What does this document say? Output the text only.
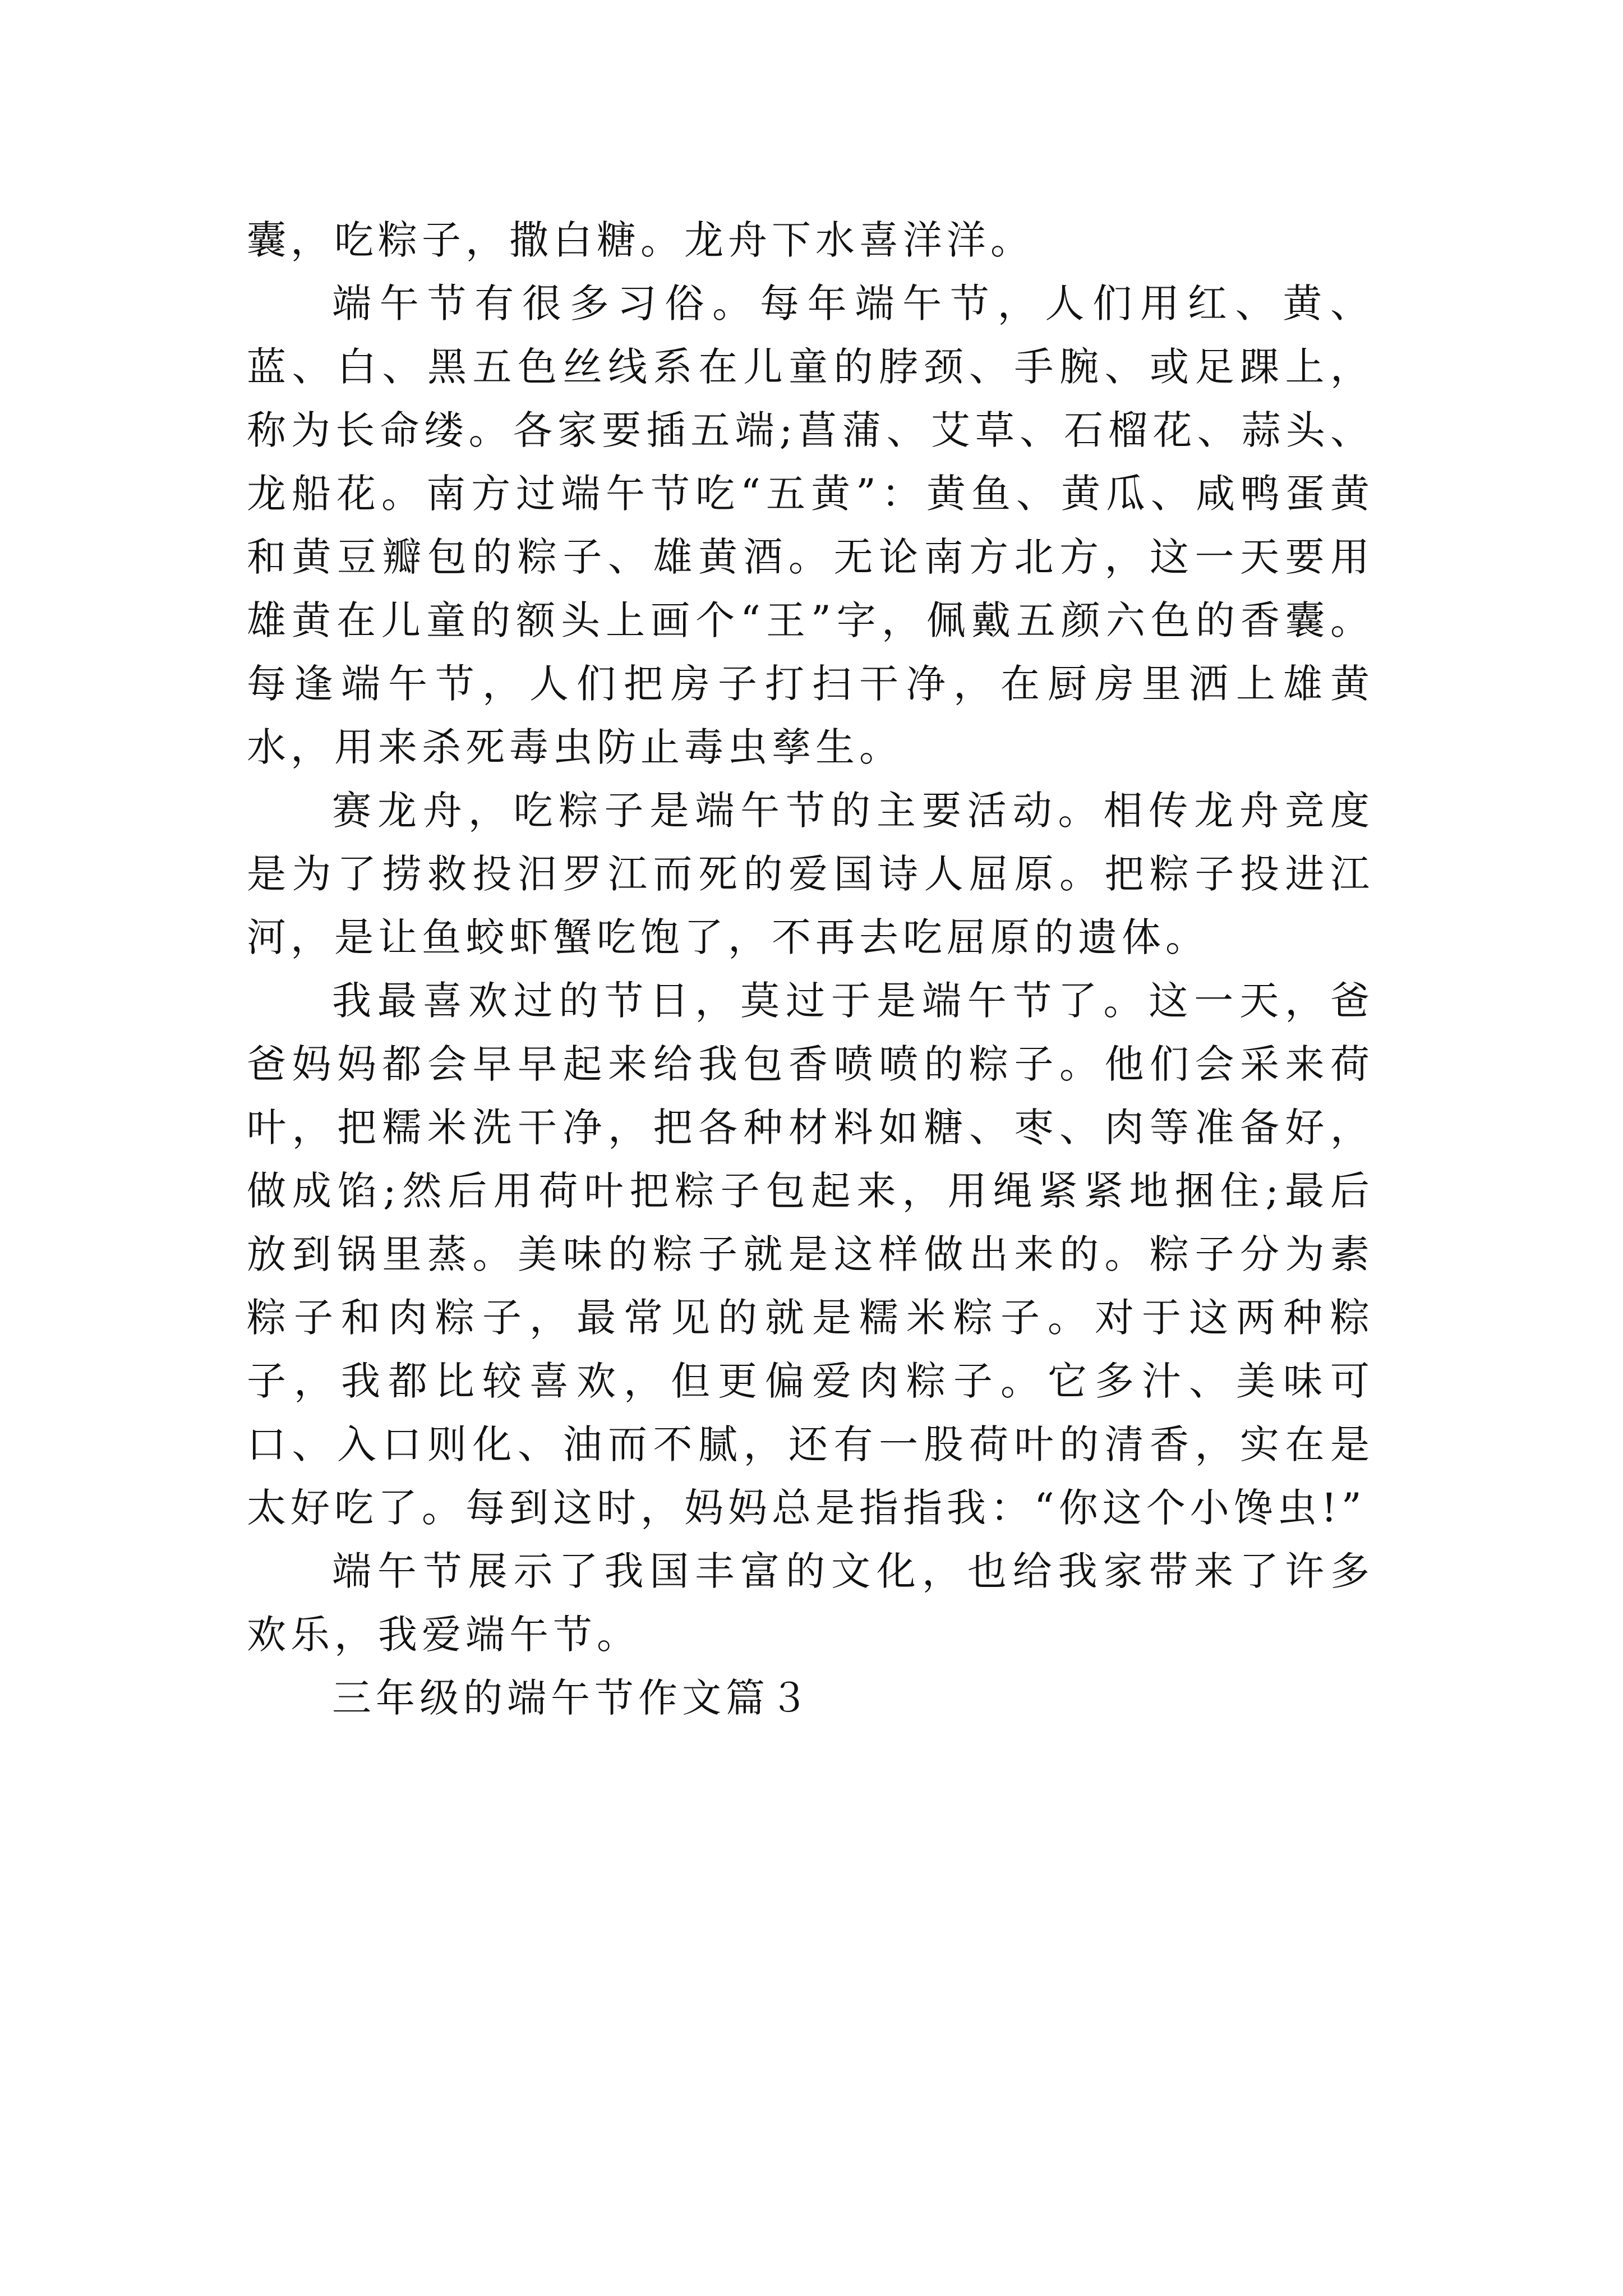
囊，吃粽子，撒白糖。龙舟下水喜洋洋。

端午节有很多习俗。每年端午节，人们用红、黄、蓝、白、黑五色丝线系在儿童的脖颈、手腕、或足踝上，称为长命缕。各家要插五端;菖蒲、艾草、石榴花、蒜头、龙船花。南方过端午节吃“五黄”：黄鱼、黄瓜、咸鸭蛋黄和黄豆瓣包的粽子、雄黄酒。无论南方北方，这一天要用雄黄在儿童的额头上画个“王”字，佩戴五颜六色的香囊。每逢端午节，人们把房子打扫干净，在厨房里洒上雄黄水，用来杀死毒虫防止毒虫孳生。

赛龙舟，吃粽子是端午节的主要活动。相传龙舟竞度是为了捞救投汨罗江而死的爱国诗人屈原。把粽子投进江河，是让鱼蛟虾蟹吃饱了，不再去吃屈原的遗体。

我最喜欢过的节日，莫过于是端午节了。这一天，爸爸妈妈都会早早起来给我包香喷喷的粽子。他们会采来荷叶，把糯米洗干净，把各种材料如糖、枣、肉等准备好，做成馅;然后用荷叶把粽子包起来，用绳紧紧地捆住;最后放到锅里蒸。美味的粽子就是这样做出来的。粽子分为素粽子和肉粽子，最常见的就是糯米粽子。对于这两种粽子，我都比较喜欢，但更偏爱肉粽子。它多汁、美味可口、入口则化、油而不腻，还有一股荷叶的清香，实在是太好吃了。每到这时，妈妈总是指指我：“你这个小馋虫!”

端午节展示了我国丰富的文化，也给我家带来了许多欢乐，我爱端午节。

三年级的端午节作文篇３
